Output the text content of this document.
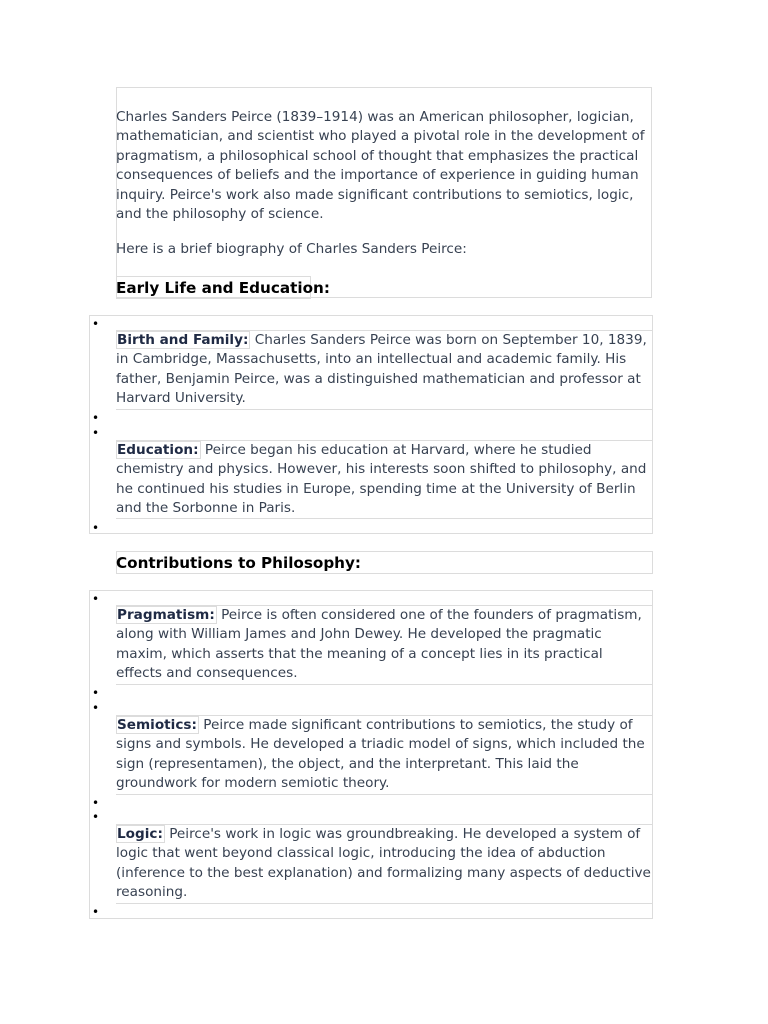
Charles Sanders Peirce (1839–1914) was an American philosopher, logician, mathematician, and scientist who played a pivotal role in the development of pragmatism, a philosophical school of thought that emphasizes the practical consequences of beliefs and the importance of experience in guiding human inquiry. Peirce's work also made significant contributions to semiotics, logic, and the philosophy of science.

Here is a brief biography of Charles Sanders Peirce:

Early Life and Education:
•

Birth and Family: Charles Sanders Peirce was born on September 10, 1839, in Cambridge, Massachusetts, into an intellectual and academic family. His father, Benjamin Peirce, was a distinguished mathematician and professor at Harvard University.

•
•

Education: Peirce began his education at Harvard, where he studied chemistry and physics. However, his interests soon shifted to philosophy, and he continued his studies in Europe, spending time at the University of Berlin and the Sorbonne in Paris.

•
Contributions to Philosophy:
•

Pragmatism: Peirce is often considered one of the founders of pragmatism, along with William James and John Dewey. He developed the pragmatic maxim, which asserts that the meaning of a concept lies in its practical effects and consequences.

•
•

Semiotics: Peirce made significant contributions to semiotics, the study of signs and symbols. He developed a triadic model of signs, which included the sign (representamen), the object, and the interpretant. This laid the groundwork for modern semiotic theory.

•
•

Logic: Peirce's work in logic was groundbreaking. He developed a system of logic that went beyond classical logic, introducing the idea of abduction (inference to the best explanation) and formalizing many aspects of deductive reasoning.

•
